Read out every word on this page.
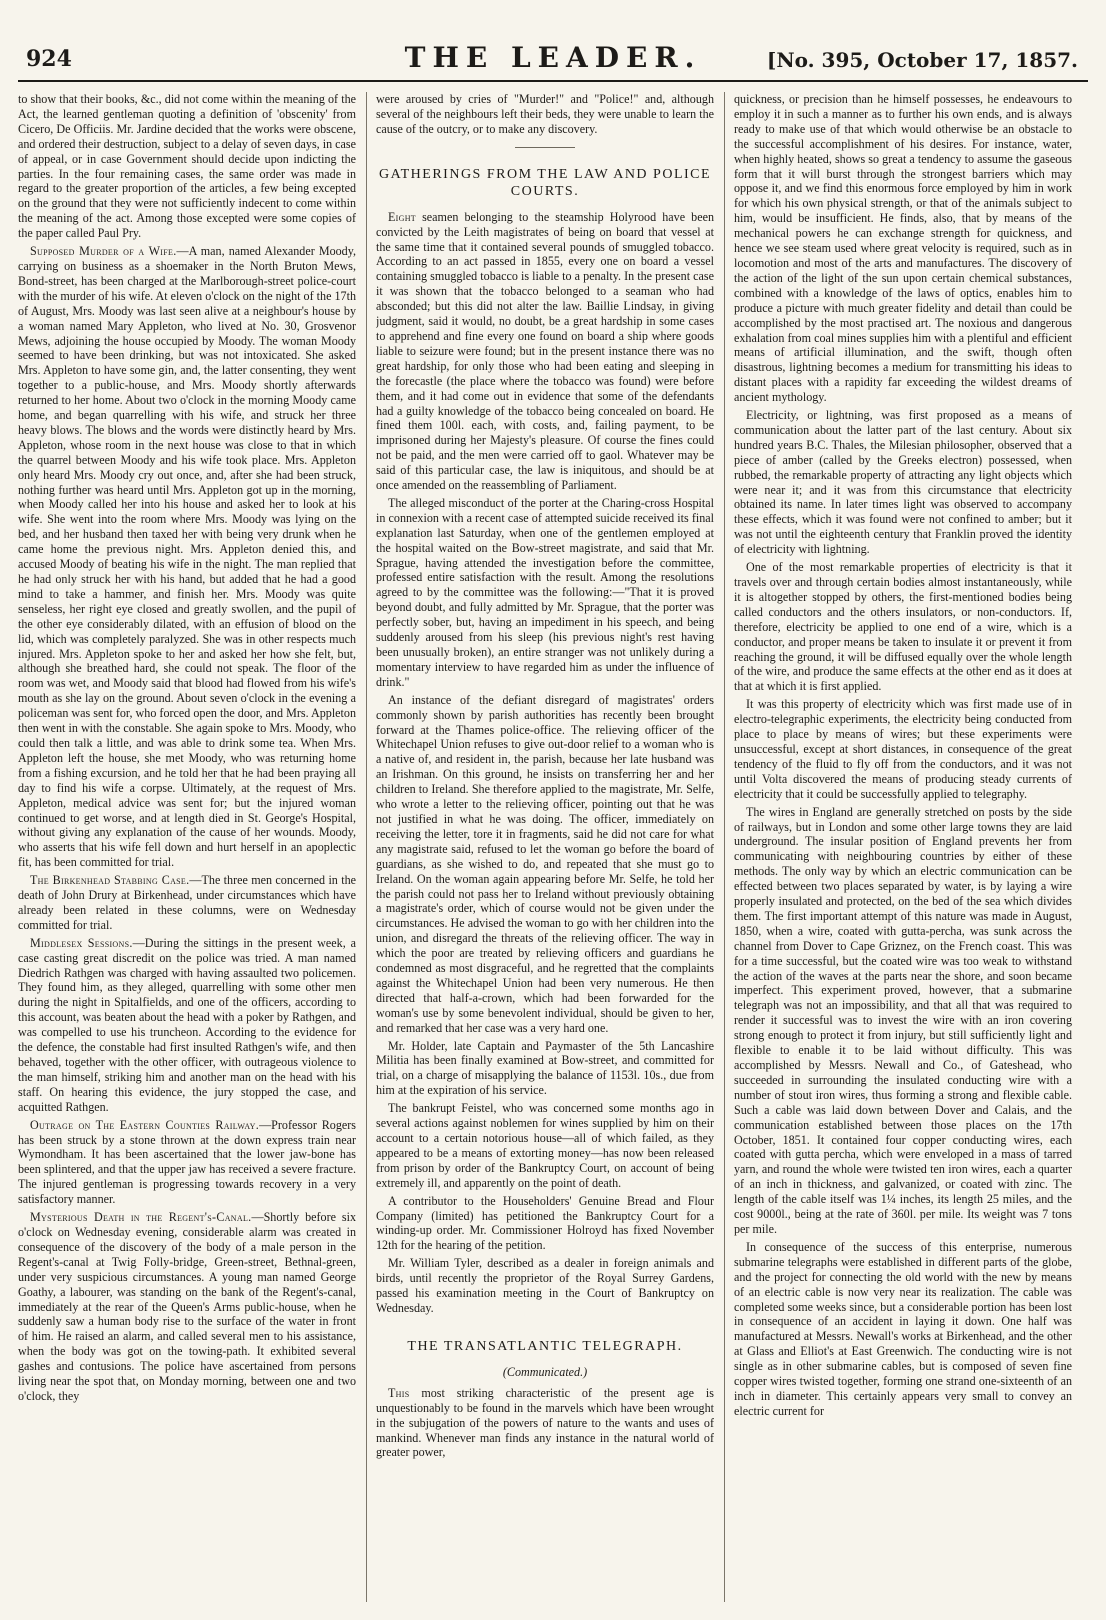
924	THE LEADER.	[No. 395, October 17, 1857.

to show that their books, &c., did not come within the meaning of the Act, the learned gentleman quoting a definition of 'obscenity' from Cicero, De Officiis. Mr. Jardine decided that the works were obscene, and ordered their destruction, subject to a delay of seven days, in case of appeal, or in case Government should decide upon indicting the parties. In the four remaining cases, the same order was made in regard to the greater proportion of the articles, a few being excepted on the ground that they were not sufficiently indecent to come within the meaning of the act. Among those excepted were some copies of the paper called Paul Pry.

Supposed Murder of a Wife.—A man, named Alexander Moody, carrying on business as a shoemaker in the North Bruton Mews, Bond-street, has been charged at the Marlborough-street police-court with the murder of his wife. At eleven o'clock on the night of the 17th of August, Mrs. Moody was last seen alive at a neighbour's house by a woman named Mary Appleton, who lived at No. 30, Grosvenor Mews, adjoining the house occupied by Moody. The woman Moody seemed to have been drinking, but was not intoxicated. She asked Mrs. Appleton to have some gin, and, the latter consenting, they went together to a public-house, and Mrs. Moody shortly afterwards returned to her home. About two o'clock in the morning Moody came home, and began quarrelling with his wife, and struck her three heavy blows. The blows and the words were distinctly heard by Mrs. Appleton, whose room in the next house was close to that in which the quarrel between Moody and his wife took place. Mrs. Appleton only heard Mrs. Moody cry out once, and, after she had been struck, nothing further was heard until Mrs. Appleton got up in the morning, when Moody called her into his house and asked her to look at his wife. She went into the room where Mrs. Moody was lying on the bed, and her husband then taxed her with being very drunk when he came home the previous night. Mrs. Appleton denied this, and accused Moody of beating his wife in the night. The man replied that he had only struck her with his hand, but added that he had a good mind to take a hammer, and finish her. Mrs. Moody was quite senseless, her right eye closed and greatly swollen, and the pupil of the other eye considerably dilated, with an effusion of blood on the lid, which was completely paralyzed. She was in other respects much injured. Mrs. Appleton spoke to her and asked her how she felt, but, although she breathed hard, she could not speak. The floor of the room was wet, and Moody said that blood had flowed from his wife's mouth as she lay on the ground. About seven o'clock in the evening a policeman was sent for, who forced open the door, and Mrs. Appleton then went in with the constable. She again spoke to Mrs. Moody, who could then talk a little, and was able to drink some tea. When Mrs. Appleton left the house, she met Moody, who was returning home from a fishing excursion, and he told her that he had been praying all day to find his wife a corpse. Ultimately, at the request of Mrs. Appleton, medical advice was sent for; but the injured woman continued to get worse, and at length died in St. George's Hospital, without giving any explanation of the cause of her wounds. Moody, who asserts that his wife fell down and hurt herself in an apoplectic fit, has been committed for trial.

The Birkenhead Stabbing Case.—The three men concerned in the death of John Drury at Birkenhead, under circumstances which have already been related in these columns, were on Wednesday committed for trial.

Middlesex Sessions.—During the sittings in the present week, a case casting great discredit on the police was tried. A man named Diedrich Rathgen was charged with having assaulted two policemen. They found him, as they alleged, quarrelling with some other men during the night in Spitalfields, and one of the officers, according to this account, was beaten about the head with a poker by Rathgen, and was compelled to use his truncheon. According to the evidence for the defence, the constable had first insulted Rathgen's wife, and then behaved, together with the other officer, with outrageous violence to the man himself, striking him and another man on the head with his staff. On hearing this evidence, the jury stopped the case, and acquitted Rathgen.

Outrage on The Eastern Counties Railway.—Professor Rogers has been struck by a stone thrown at the down express train near Wymondham. It has been ascertained that the lower jaw-bone has been splintered, and that the upper jaw has received a severe fracture. The injured gentleman is progressing towards recovery in a very satisfactory manner.

Mysterious Death in the Regent's-Canal.—Shortly before six o'clock on Wednesday evening, considerable alarm was created in consequence of the discovery of the body of a male person in the Regent's-canal at Twig Folly-bridge, Green-street, Bethnal-green, under very suspicious circumstances. A young man named George Goathy, a labourer, was standing on the bank of the Regent's-canal, immediately at the rear of the Queen's Arms public-house, when he suddenly saw a human body rise to the surface of the water in front of him. He raised an alarm, and called several men to his assistance, when the body was got on the towing-path. It exhibited several gashes and contusions. The police have ascertained from persons living near the spot that, on Monday morning, between one and two o'clock, they

were aroused by cries of "Murder!" and "Police!" and, although several of the neighbours left their beds, they were unable to learn the cause of the outcry, or to make any discovery.

GATHERINGS FROM THE LAW AND POLICE COURTS.

Eight seamen belonging to the steamship Holyrood have been convicted by the Leith magistrates of being on board that vessel at the same time that it contained several pounds of smuggled tobacco. According to an act passed in 1855, every one on board a vessel containing smuggled tobacco is liable to a penalty. In the present case it was shown that the tobacco belonged to a seaman who had absconded; but this did not alter the law. Baillie Lindsay, in giving judgment, said it would, no doubt, be a great hardship in some cases to apprehend and fine every one found on board a ship where goods liable to seizure were found; but in the present instance there was no great hardship, for only those who had been eating and sleeping in the forecastle (the place where the tobacco was found) were before them, and it had come out in evidence that some of the defendants had a guilty knowledge of the tobacco being concealed on board. He fined them 100l. each, with costs, and, failing payment, to be imprisoned during her Majesty's pleasure. Of course the fines could not be paid, and the men were carried off to gaol. Whatever may be said of this particular case, the law is iniquitous, and should be at once amended on the reassembling of Parliament.

The alleged misconduct of the porter at the Charing-cross Hospital in connexion with a recent case of attempted suicide received its final explanation last Saturday, when one of the gentlemen employed at the hospital waited on the Bow-street magistrate, and said that Mr. Sprague, having attended the investigation before the committee, professed entire satisfaction with the result. Among the resolutions agreed to by the committee was the following:—"That it is proved beyond doubt, and fully admitted by Mr. Sprague, that the porter was perfectly sober, but, having an impediment in his speech, and being suddenly aroused from his sleep (his previous night's rest having been unusually broken), an entire stranger was not unlikely during a momentary interview to have regarded him as under the influence of drink."

An instance of the defiant disregard of magistrates' orders commonly shown by parish authorities has recently been brought forward at the Thames police-office. The relieving officer of the Whitechapel Union refuses to give out-door relief to a woman who is a native of, and resident in, the parish, because her late husband was an Irishman. On this ground, he insists on transferring her and her children to Ireland. She therefore applied to the magistrate, Mr. Selfe, who wrote a letter to the relieving officer, pointing out that he was not justified in what he was doing. The officer, immediately on receiving the letter, tore it in fragments, said he did not care for what any magistrate said, refused to let the woman go before the board of guardians, as she wished to do, and repeated that she must go to Ireland. On the woman again appearing before Mr. Selfe, he told her the parish could not pass her to Ireland without previously obtaining a magistrate's order, which of course would not be given under the circumstances. He advised the woman to go with her children into the union, and disregard the threats of the relieving officer. The way in which the poor are treated by relieving officers and guardians he condemned as most disgraceful, and he regretted that the complaints against the Whitechapel Union had been very numerous. He then directed that half-a-crown, which had been forwarded for the woman's use by some benevolent individual, should be given to her, and remarked that her case was a very hard one.

Mr. Holder, late Captain and Paymaster of the 5th Lancashire Militia has been finally examined at Bow-street, and committed for trial, on a charge of misapplying the balance of 1153l. 10s., due from him at the expiration of his service.

The bankrupt Feistel, who was concerned some months ago in several actions against noblemen for wines supplied by him on their account to a certain notorious house—all of which failed, as they appeared to be a means of extorting money—has now been released from prison by order of the Bankruptcy Court, on account of being extremely ill, and apparently on the point of death.

A contributor to the Householders' Genuine Bread and Flour Company (limited) has petitioned the Bankruptcy Court for a winding-up order. Mr. Commissioner Holroyd has fixed November 12th for the hearing of the petition.

Mr. William Tyler, described as a dealer in foreign animals and birds, until recently the proprietor of the Royal Surrey Gardens, passed his examination meeting in the Court of Bankruptcy on Wednesday.

THE TRANSATLANTIC TELEGRAPH.

(Communicated.)

This most striking characteristic of the present age is unquestionably to be found in the marvels which have been wrought in the subjugation of the powers of nature to the wants and uses of mankind. Whenever man finds any instance in the natural world of greater power,

quickness, or precision than he himself possesses, he endeavours to employ it in such a manner as to further his own ends, and is always ready to make use of that which would otherwise be an obstacle to the successful accomplishment of his desires. For instance, water, when highly heated, shows so great a tendency to assume the gaseous form that it will burst through the strongest barriers which may oppose it, and we find this enormous force employed by him in work for which his own physical strength, or that of the animals subject to him, would be insufficient. He finds, also, that by means of the mechanical powers he can exchange strength for quickness, and hence we see steam used where great velocity is required, such as in locomotion and most of the arts and manufactures. The discovery of the action of the light of the sun upon certain chemical substances, combined with a knowledge of the laws of optics, enables him to produce a picture with much greater fidelity and detail than could be accomplished by the most practised art. The noxious and dangerous exhalation from coal mines supplies him with a plentiful and efficient means of artificial illumination, and the swift, though often disastrous, lightning becomes a medium for transmitting his ideas to distant places with a rapidity far exceeding the wildest dreams of ancient mythology.

Electricity, or lightning, was first proposed as a means of communication about the latter part of the last century. About six hundred years B.C. Thales, the Milesian philosopher, observed that a piece of amber (called by the Greeks electron) possessed, when rubbed, the remarkable property of attracting any light objects which were near it; and it was from this circumstance that electricity obtained its name. In later times light was observed to accompany these effects, which it was found were not confined to amber; but it was not until the eighteenth century that Franklin proved the identity of electricity with lightning.

One of the most remarkable properties of electricity is that it travels over and through certain bodies almost instantaneously, while it is altogether stopped by others, the first-mentioned bodies being called conductors and the others insulators, or non-conductors. If, therefore, electricity be applied to one end of a wire, which is a conductor, and proper means be taken to insulate it or prevent it from reaching the ground, it will be diffused equally over the whole length of the wire, and produce the same effects at the other end as it does at that at which it is first applied.

It was this property of electricity which was first made use of in electro-telegraphic experiments, the electricity being conducted from place to place by means of wires; but these experiments were unsuccessful, except at short distances, in consequence of the great tendency of the fluid to fly off from the conductors, and it was not until Volta discovered the means of producing steady currents of electricity that it could be successfully applied to telegraphy.

The wires in England are generally stretched on posts by the side of railways, but in London and some other large towns they are laid underground. The insular position of England prevents her from communicating with neighbouring countries by either of these methods. The only way by which an electric communication can be effected between two places separated by water, is by laying a wire properly insulated and protected, on the bed of the sea which divides them. The first important attempt of this nature was made in August, 1850, when a wire, coated with gutta-percha, was sunk across the channel from Dover to Cape Griznez, on the French coast. This was for a time successful, but the coated wire was too weak to withstand the action of the waves at the parts near the shore, and soon became imperfect. This experiment proved, however, that a submarine telegraph was not an impossibility, and that all that was required to render it successful was to invest the wire with an iron covering strong enough to protect it from injury, but still sufficiently light and flexible to enable it to be laid without difficulty. This was accomplished by Messrs. Newall and Co., of Gateshead, who succeeded in surrounding the insulated conducting wire with a number of stout iron wires, thus forming a strong and flexible cable. Such a cable was laid down between Dover and Calais, and the communication established between those places on the 17th October, 1851. It contained four copper conducting wires, each coated with gutta percha, which were enveloped in a mass of tarred yarn, and round the whole were twisted ten iron wires, each a quarter of an inch in thickness, and galvanized, or coated with zinc. The length of the cable itself was 1¼ inches, its length 25 miles, and the cost 9000l., being at the rate of 360l. per mile. Its weight was 7 tons per mile.

In consequence of the success of this enterprise, numerous submarine telegraphs were established in different parts of the globe, and the project for connecting the old world with the new by means of an electric cable is now very near its realization. The cable was completed some weeks since, but a considerable portion has been lost in consequence of an accident in laying it down. One half was manufactured at Messrs. Newall's works at Birkenhead, and the other at Glass and Elliot's at East Greenwich. The conducting wire is not single as in other submarine cables, but is composed of seven fine copper wires twisted together, forming one strand one-sixteenth of an inch in diameter. This certainly appears very small to convey an electric current for
